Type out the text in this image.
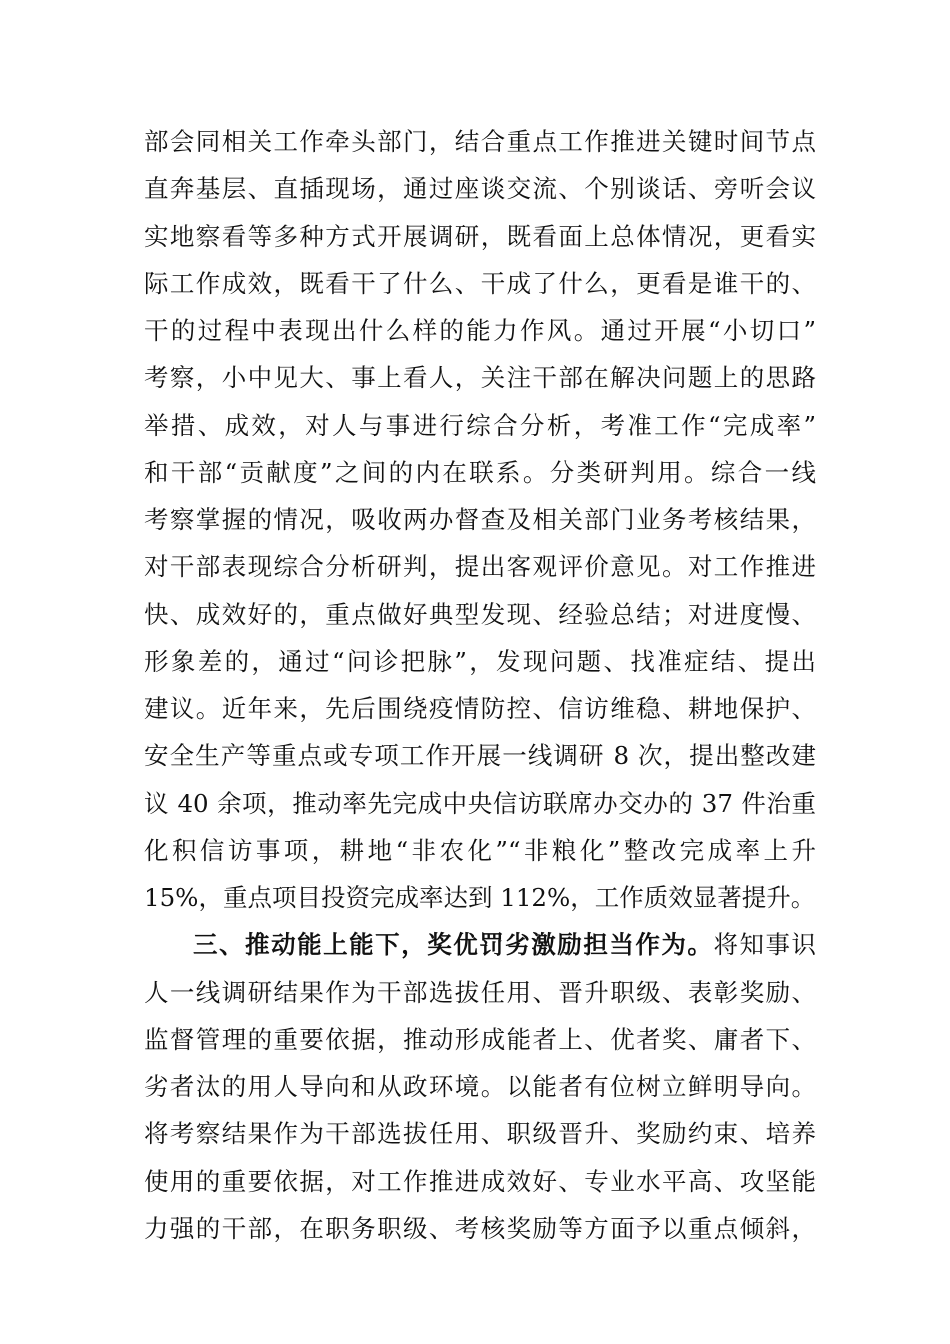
部会同相关工作牵头部门，结合重点工作推进关键时间节点
直奔基层、直插现场，通过座谈交流、个别谈话、旁听会议
实地察看等多种方式开展调研，既看面上总体情况，更看实
际工作成效，既看干了什么、干成了什么，更看是谁干的、
干的过程中表现出什么样的能力作风。通过开展“小切口”
考察，小中见大、事上看人，关注干部在解决问题上的思路
举措、成效，对人与事进行综合分析，考准工作“完成率”
和干部“贡献度”之间的内在联系。分类研判用。综合一线
考察掌握的情况，吸收两办督查及相关部门业务考核结果，
对干部表现综合分析研判，提出客观评价意见。对工作推进
快、成效好的，重点做好典型发现、经验总结；对进度慢、
形象差的，通过“问诊把脉”，发现问题、找准症结、提出
建议。近年来，先后围绕疫情防控、信访维稳、耕地保护、
安全生产等重点或专项工作开展一线调研 8 次，提出整改建
议 40 余项，推动率先完成中央信访联席办交办的 37 件治重
化积信访事项，耕地“非农化”“非粮化”整改完成率上升
15%，重点项目投资完成率达到 112%，工作质效显著提升。
三、推动能上能下，奖优罚劣激励担当作为。将知事识
人一线调研结果作为干部选拔任用、晋升职级、表彰奖励、
监督管理的重要依据，推动形成能者上、优者奖、庸者下、
劣者汰的用人导向和从政环境。以能者有位树立鲜明导向。
将考察结果作为干部选拔任用、职级晋升、奖励约束、培养
使用的重要依据，对工作推进成效好、专业水平高、攻坚能
力强的干部，在职务职级、考核奖励等方面予以重点倾斜，
